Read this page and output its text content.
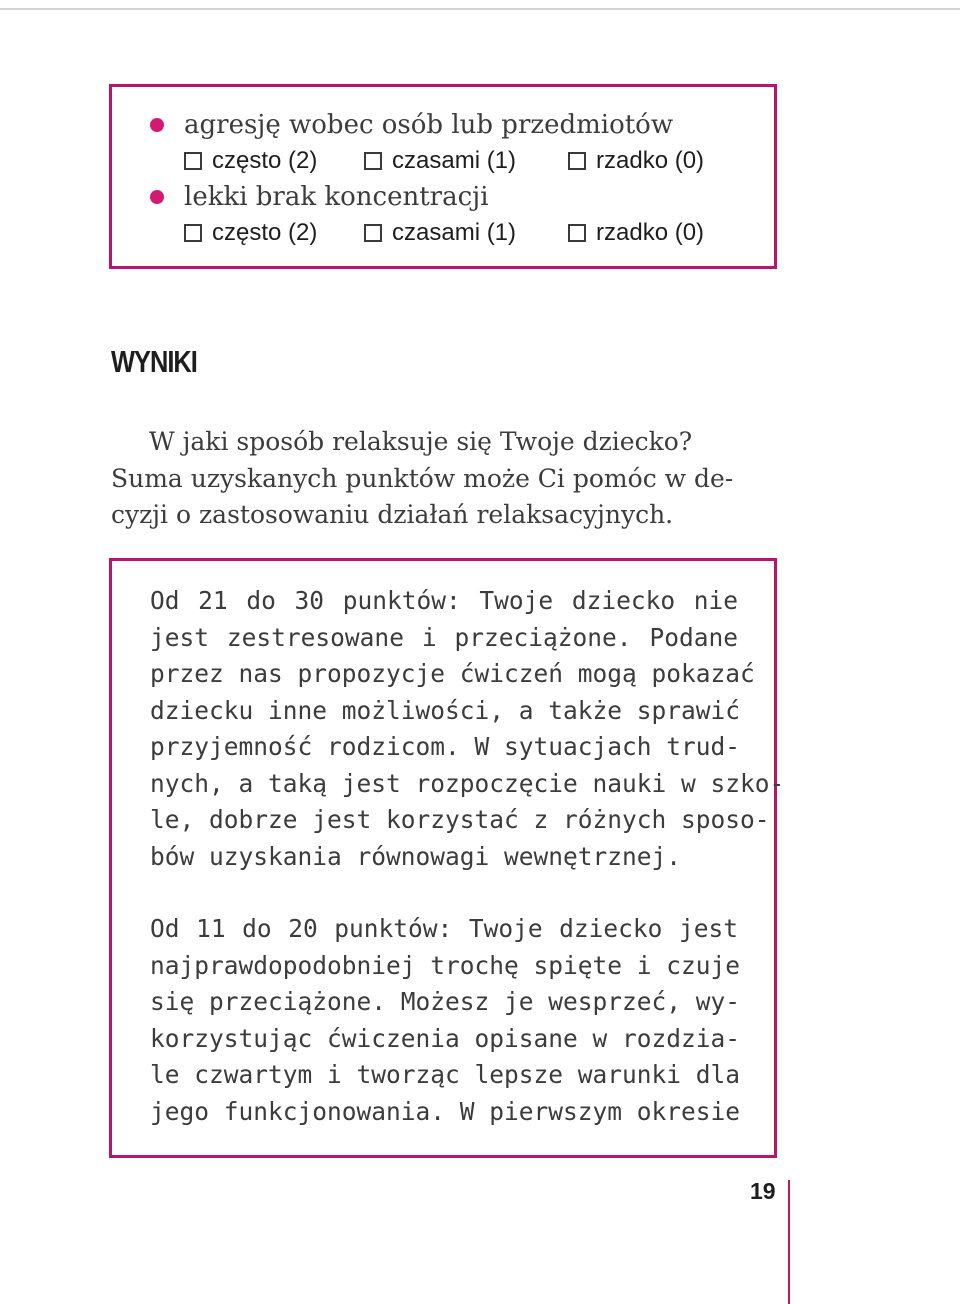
agresję wobec osób lub przedmiotów
często (2)	czasami (1)	rzadko (0)
lekki brak koncentracji
często (2)	czasami (1)	rzadko (0)
WYNIKI
W jaki sposób relaksuje się Twoje dziecko?
Suma uzyskanych punktów może Ci pomóc w de-
cyzji o zastosowaniu działań relaksacyjnych.
Od 21 do 30 punktów: Twoje dziecko nie
jest zestresowane i przeciążone. Podane
przez nas propozycje ćwiczeń mogą pokazać
dziecku inne możliwości, a także sprawić
przyjemność rodzicom. W sytuacjach trud-
nych, a taką jest rozpoczęcie nauki w szko-
le, dobrze jest korzystać z różnych sposo-
bów uzyskania równowagi wewnętrznej.
Od 11 do 20 punktów: Twoje dziecko jest
najprawdopodobniej trochę spięte i czuje
się przeciążone. Możesz je wesprzeć, wy-
korzystując ćwiczenia opisane w rozdzia-
le czwartym i tworząc lepsze warunki dla
jego funkcjonowania. W pierwszym okresie
19
